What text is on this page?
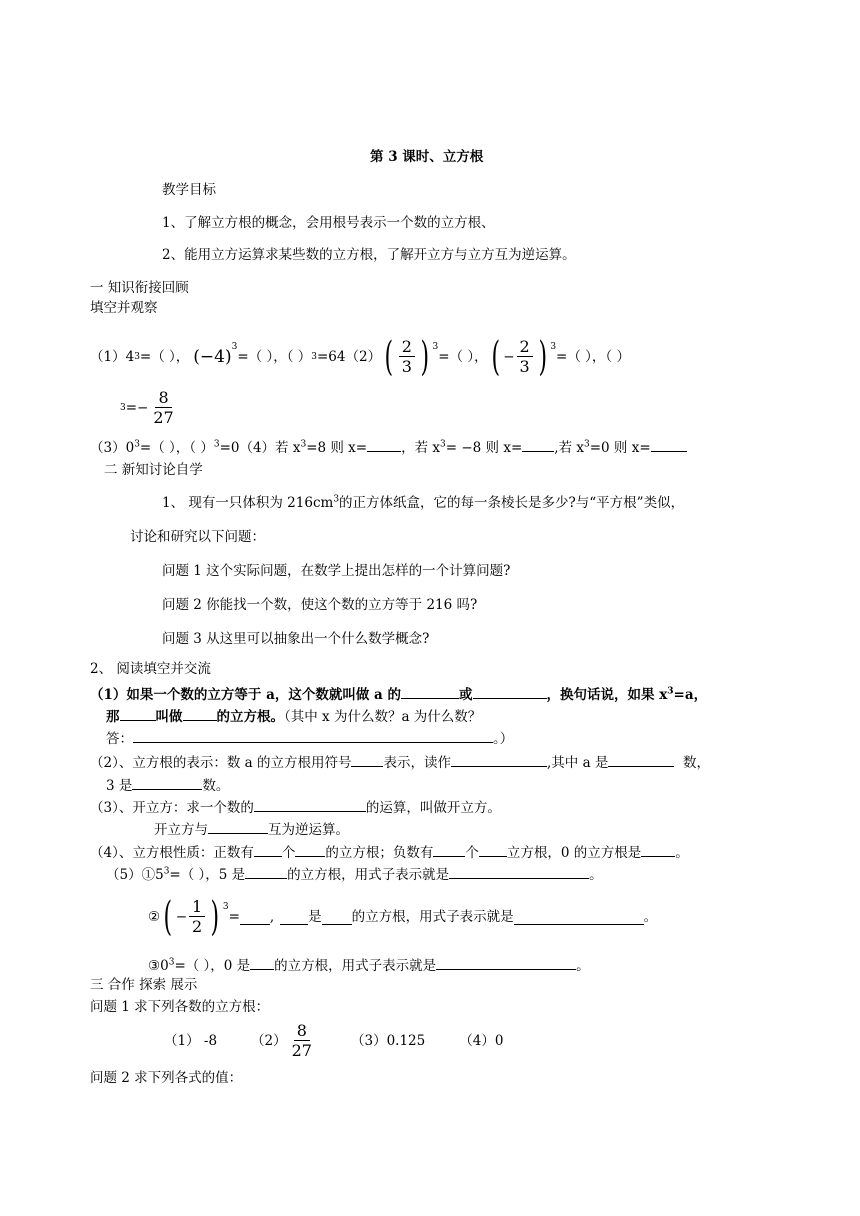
第 3 课时、立方根
教学目标
1、了解立方根的概念，会用根号表示一个数的立方根、
2、能用立方运算求某些数的立方根，了解开立方与立方互为逆运算。
一 知识衔接回顾
填空并观察
（1）4 3 =（ ）， ( −4 ) 3
=（ ），（ ） 3 =64（2） ( $\frac{2}{3}$ ) 3
=（ ）， ( − $\frac{2}{3}$ ) 3
=（ ），（ ）
3 = − $\frac{8}{27}$
$(3)0^3=$（ ），（ ）$^3$=0（4）若 $x^3=8$ 则 x=	，若 $x^3= -8$ 则 x= ,若 $x^3=0$ 则 x=
二 新知讨论自学
1、 现有一只体积为 $216cm^3$的正方体纸盒，它的每一条棱长是多少?与“平方根”类似，
讨论和研究以下问题：
问题 1 这个实际问题，在数学上提出怎样的一个计算问题?
问题 2 你能找一个数，使这个数的立方等于 216 吗?
问题 3 从这里可以抽象出一个什么数学概念?
2、 阅读填空并交流
（1）如果一个数的立方等于 a，这个数就叫做 a 的	或	，换句话说，如果 $x^3=a$，
那	叫做	的立方根。（其中 x 为什么数？a 为什么数？
答：	。）
（2）、立方根的表示：数 a 的立方根用符号 表示，读作	,其中 a 是	数，
3 是	数。
（3）、开立方：求一个数的	的运算，叫做开立方。
开立方与	互为逆运算。
（4）、立方根性质：正数有 个 的立方根；负数有 个 立方根，0 的立方根是	。
$(5)①5^3=$（ ），5 是	的立方根，用式子表示就是	。
② ( − $\frac{1}{2}$ ) 3
= ,	是 的立方根，用式子表示就是	。
$③0^3=$（ ），0 是 的立方根，用式子表示就是	。
三 合作 探索 展示
问题 1 求下列各数的立方根：
（1） -8	$(2) \frac{8}{27}$	（3）0.125	（4）0
问题 2 求下列各式的值：
